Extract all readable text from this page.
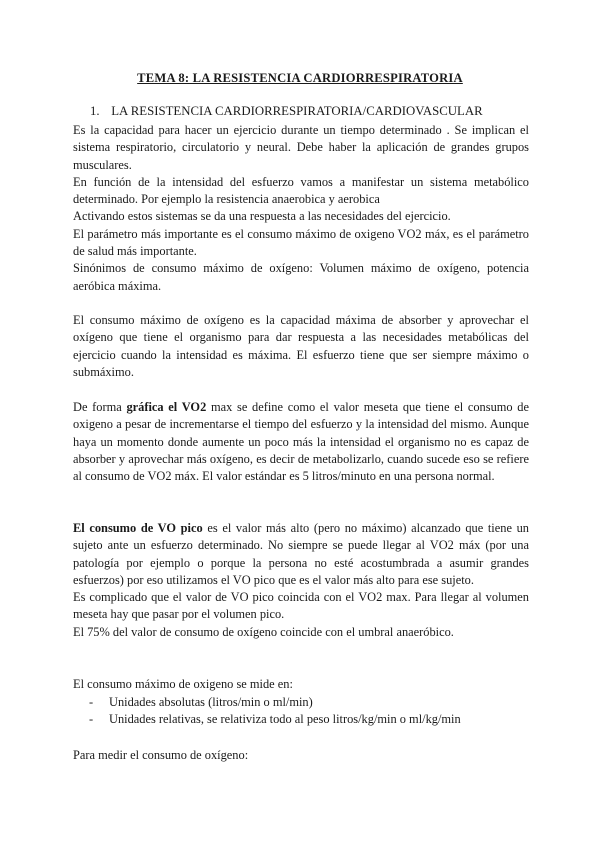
TEMA 8: LA RESISTENCIA CARDIORRESPIRATORIA
1. LA RESISTENCIA CARDIORRESPIRATORIA/CARDIOVASCULAR

Es la capacidad para hacer un ejercicio durante un tiempo determinado . Se implican el sistema respiratorio, circulatorio y neural. Debe haber la aplicación de grandes grupos musculares.

En función de la intensidad del esfuerzo vamos a manifestar un sistema metabólico determinado. Por ejemplo la resistencia anaerobica y aerobica

Activando estos sistemas se da una respuesta a las necesidades del ejercicio.

El parámetro más importante es el consumo máximo de oxigeno VO2 máx, es el parámetro de salud más importante.

Sinónimos de consumo máximo de oxígeno: Volumen máximo de oxígeno, potencia aeróbica máxima.

El consumo máximo de oxígeno es la capacidad máxima de absorber y aprovechar el oxígeno que tiene el organismo para dar respuesta a las necesidades metabólicas del ejercicio cuando la intensidad es máxima. El esfuerzo tiene que ser siempre máximo o submáximo.

De forma gráfica el VO2 max se define como el valor meseta que tiene el consumo de oxigeno a pesar de incrementarse el tiempo del esfuerzo y la intensidad del mismo. Aunque haya un momento donde aumente un poco más la intensidad el organismo no es capaz de absorber y aprovechar más oxígeno, es decir de metabolizarlo, cuando sucede eso se refiere al consumo de VO2 máx. El valor estándar es 5 litros/minuto en una persona normal.

El consumo de VO pico es el valor más alto (pero no máximo) alcanzado que tiene un sujeto ante un esfuerzo determinado. No siempre se puede llegar al VO2 máx (por una patología por ejemplo o porque la persona no esté acostumbrada a asumir grandes esfuerzos) por eso utilizamos el VO pico que es el valor más alto para ese sujeto.

Es complicado que el valor de VO pico coincida con el VO2 max. Para llegar al volumen meseta hay que pasar por el volumen pico.

El 75% del valor de consumo de oxígeno coincide con el umbral anaeróbico.

El consumo máximo de oxigeno se mide en:

- Unidades absolutas (litros/min o ml/min)
- Unidades relativas, se relativiza todo al peso litros/kg/min o ml/kg/min

Para medir el consumo de oxígeno:
